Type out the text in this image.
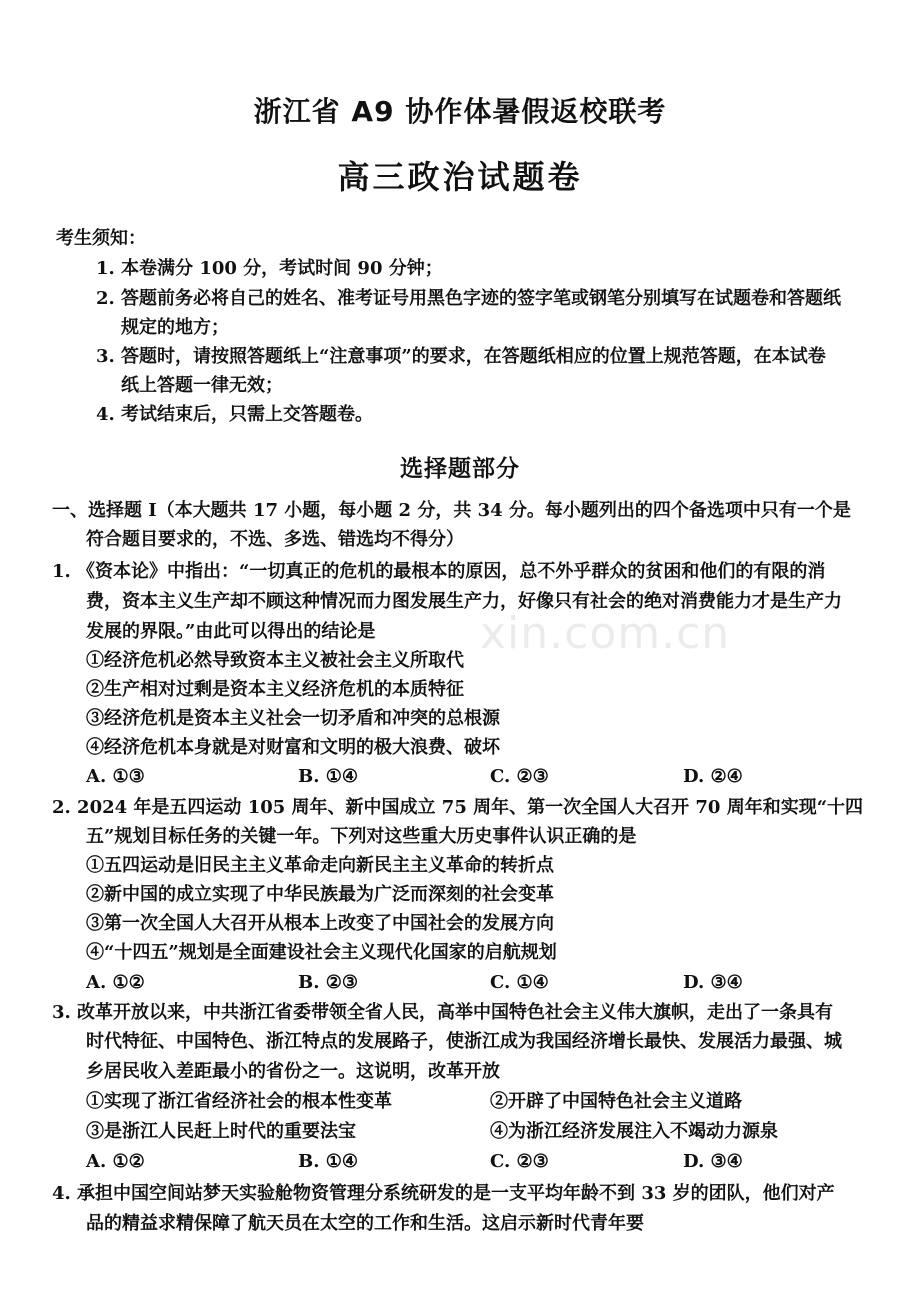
浙江省 A9 协作体暑假返校联考
高三政治试题卷
考生须知：
1. 本卷满分 100 分，考试时间 90 分钟；
2. 答题前务必将自己的姓名、准考证号用黑色字迹的签字笔或钢笔分别填写在试题卷和答题纸
规定的地方；
3. 答题时，请按照答题纸上“注意事项”的要求，在答题纸相应的位置上规范答题，在本试卷
纸上答题一律无效；
4. 考试结束后，只需上交答题卷。
选择题部分
一、选择题 I（本大题共 17 小题，每小题 2 分，共 34 分。每小题列出的四个备选项中只有一个是
符合题目要求的，不选、多选、错选均不得分）
xin.com.cn
1. 《资本论》中指出：“一切真正的危机的最根本的原因，总不外乎群众的贫困和他们的有限的消
费，资本主义生产却不顾这种情况而力图发展生产力，好像只有社会的绝对消费能力才是生产力
发展的界限。”由此可以得出的结论是
①经济危机必然导致资本主义被社会主义所取代
②生产相对过剩是资本主义经济危机的本质特征
③经济危机是资本主义社会一切矛盾和冲突的总根源
④经济危机本身就是对财富和文明的极大浪费、破坏
A. ①③	B. ①④	C. ②③	D. ②④
2. 2024 年是五四运动 105 周年、新中国成立 75 周年、第一次全国人大召开 70 周年和实现“十四
五”规划目标任务的关键一年。下列对这些重大历史事件认识正确的是
①五四运动是旧民主主义革命走向新民主主义革命的转折点
②新中国的成立实现了中华民族最为广泛而深刻的社会变革
③第一次全国人大召开从根本上改变了中国社会的发展方向
④“十四五”规划是全面建设社会主义现代化国家的启航规划
A. ①②	B. ②③	C. ①④	D. ③④
3. 改革开放以来，中共浙江省委带领全省人民，高举中国特色社会主义伟大旗帜，走出了一条具有
时代特征、中国特色、浙江特点的发展路子，使浙江成为我国经济增长最快、发展活力最强、城
乡居民收入差距最小的省份之一。这说明，改革开放
①实现了浙江省经济社会的根本性变革	②开辟了中国特色社会主义道路
③是浙江人民赶上时代的重要法宝	④为浙江经济发展注入不竭动力源泉
A. ①②	B. ①④	C. ②③	D. ③④
4. 承担中国空间站梦天实验舱物资管理分系统研发的是一支平均年龄不到 33 岁的团队，他们对产
品的精益求精保障了航天员在太空的工作和生活。这启示新时代青年要
